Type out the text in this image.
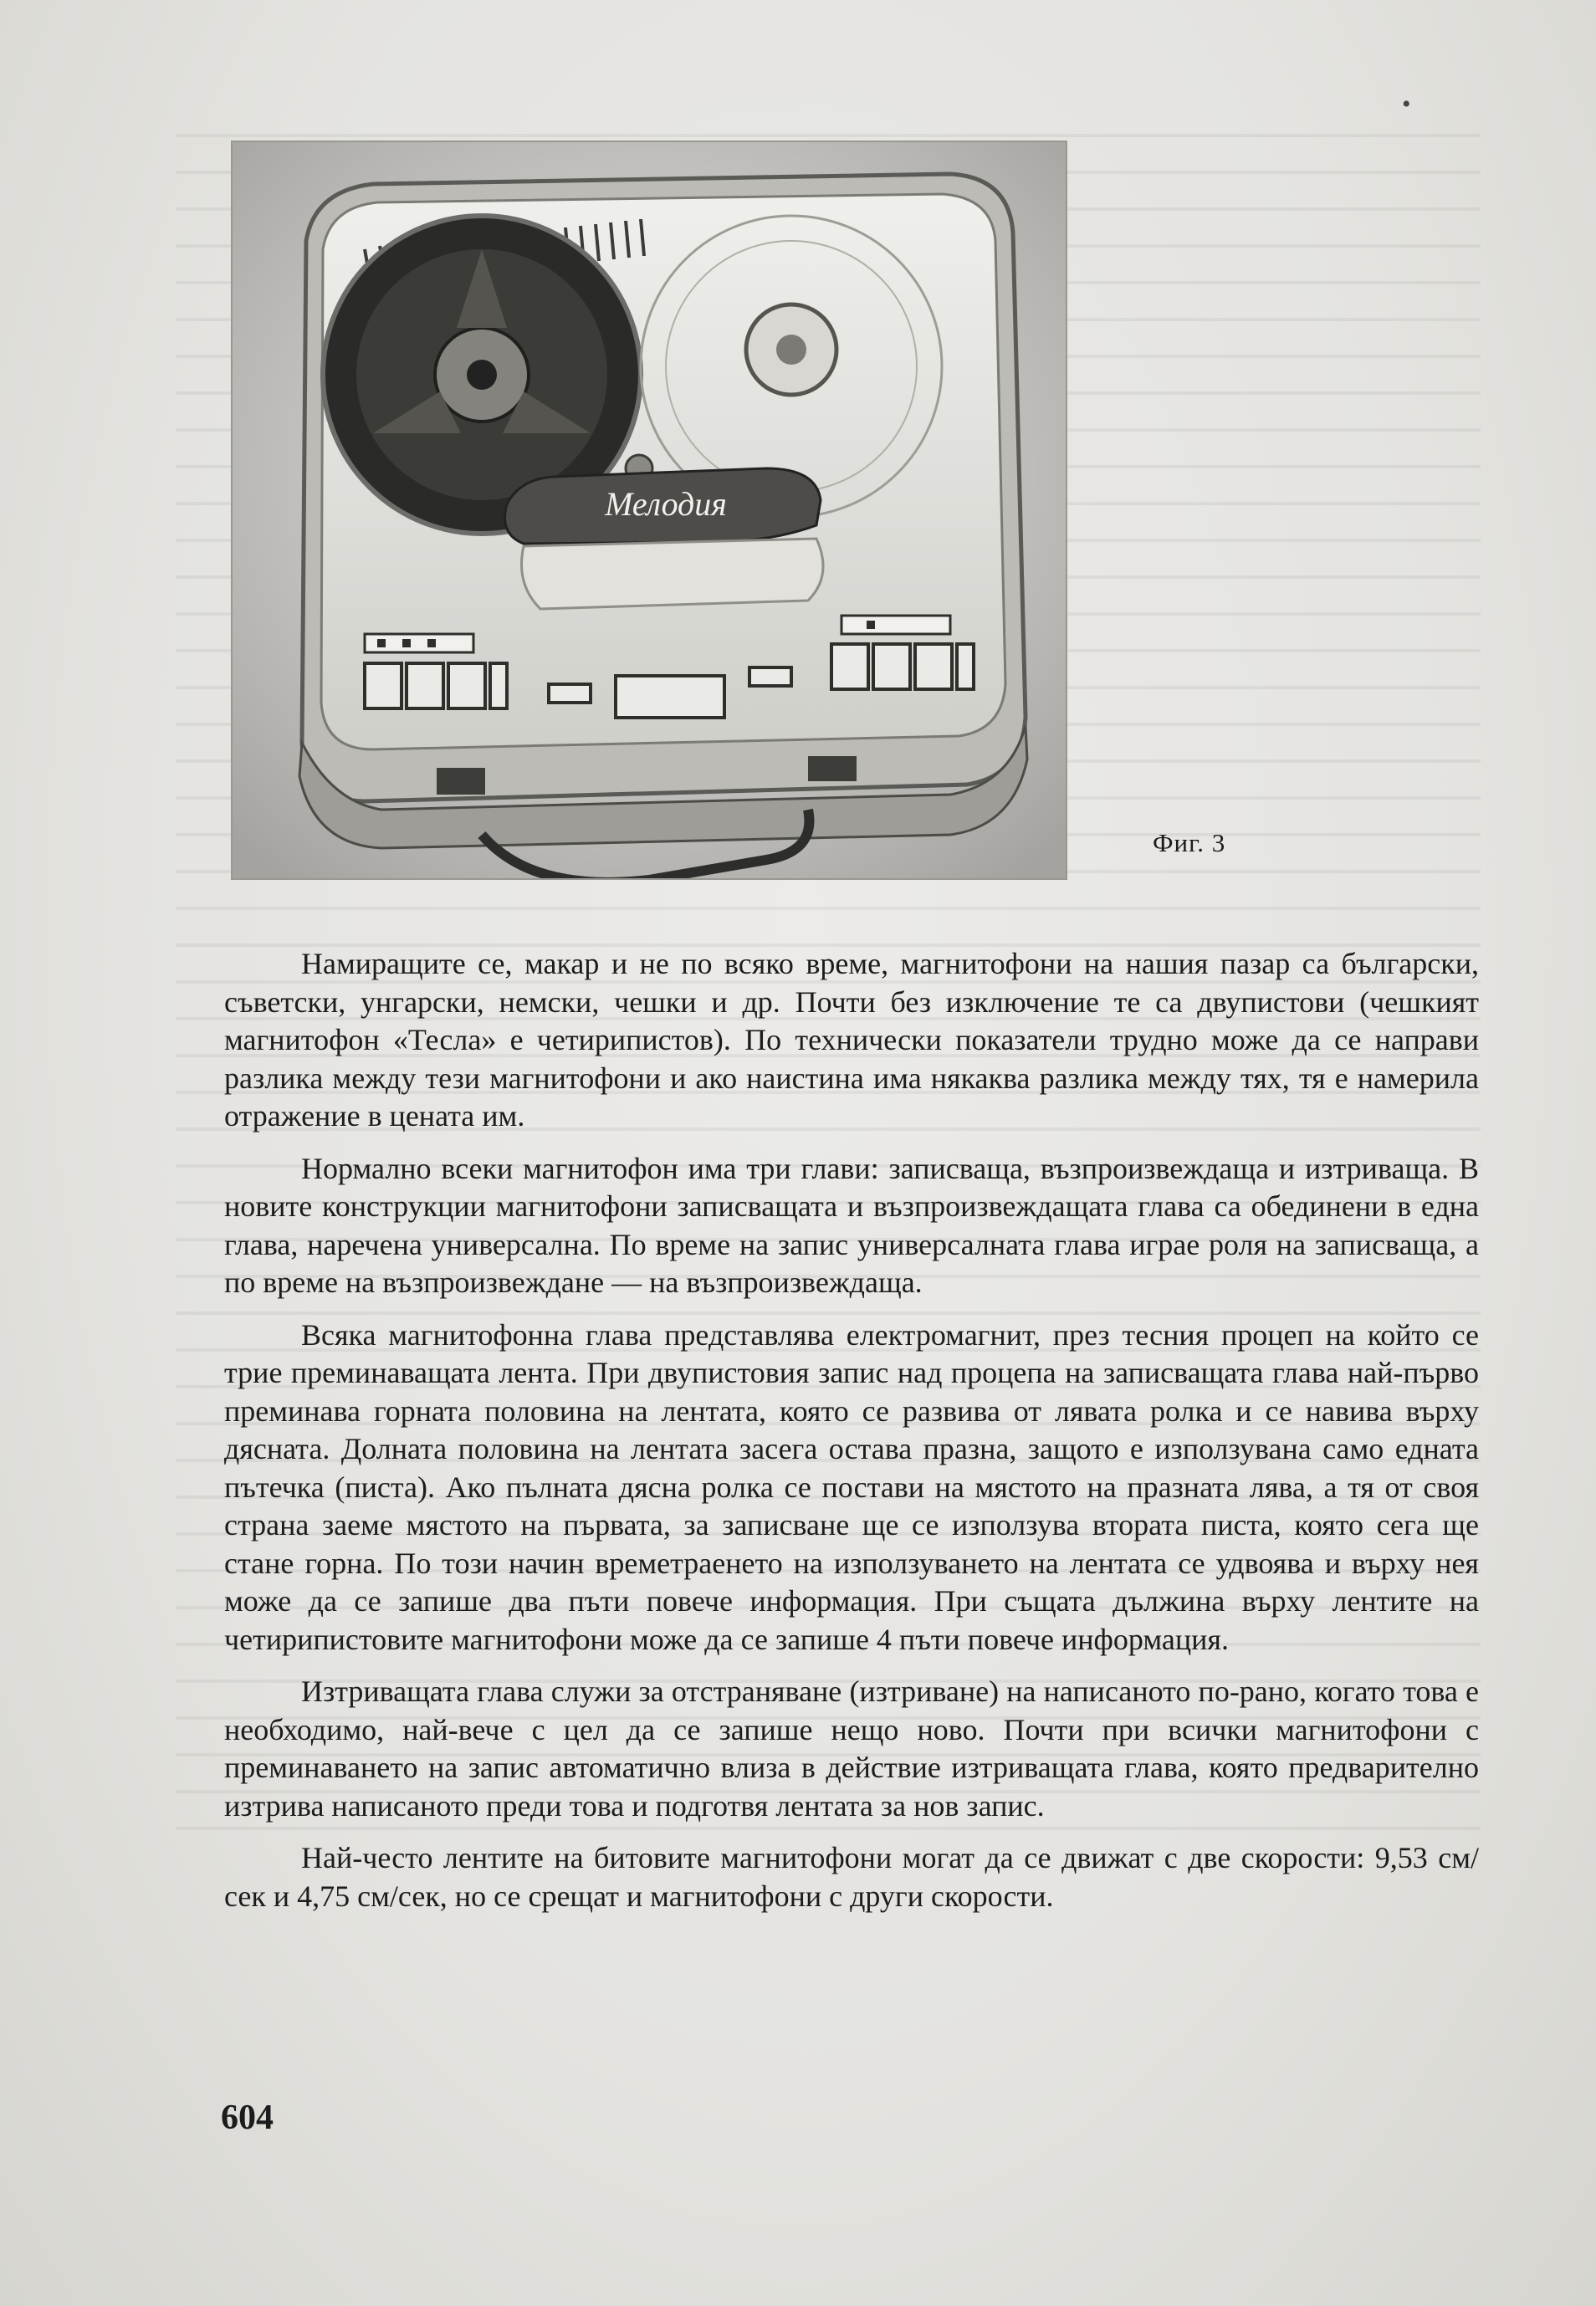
•
Мелодия
Фиг. 3

Намиращите се, макар и не по всяко време, магнитофони на нашия пазар са български, съветски, унгарски, немски, чешки и др. Почти без изключение те са двупистови (чешкият магнитофон «Тесла» е четирипистов). По технически показатели трудно може да се направи разлика между тези магнитофони и ако наистина има някаква разлика между тях, тя е намерила отражение в цената им.

Нормално всеки магнитофон има три глави: записваща, възпроизвеждаща и изтриваща. В новите конструкции магнитофони записващата и възпроизвеждащата глава са обединени в една глава, наречена универсална. По време на запис универсалната глава играе роля на записваща, а по време на възпроизвеждане — на възпроизвеждаща.

Всяка магнитофонна глава представлява електромагнит, през тесния процеп на който се трие преминаващата лента. При двупистовия запис над процепа на записващата глава най-първо преминава горната половина на лентата, която се развива от лявата ролка и се навива върху дясната. Долната половина на лентата засега остава празна, защото е използувана само едната пътечка (писта). Ако пълната дясна ролка се постави на мястото на празната лява, а тя от своя страна заеме мястото на първата, за записване ще се използува втората писта, която сега ще стане горна. По този начин времетраенето на използуването на лентата се удвоява и върху нея може да се запише два пъти повече информация. При същата дължина върху лентите на четирипистовите магнитофони може да се запише 4 пъти повече информация.

Изтриващата глава служи за отстраняване (изтриване) на написаното по-рано, когато това е необходимо, най-вече с цел да се запише нещо ново. Почти при всички магнитофони с преминаването на запис автоматично влиза в действие изтриващата глава, която предварително изтрива написаното преди това и подготвя лентата за нов запис.

Най-често лентите на битовите магнитофони могат да се движат с две скорости: 9,53 см/сек и 4,75 см/сек, но се срещат и магнитофони с други скорости.

604
